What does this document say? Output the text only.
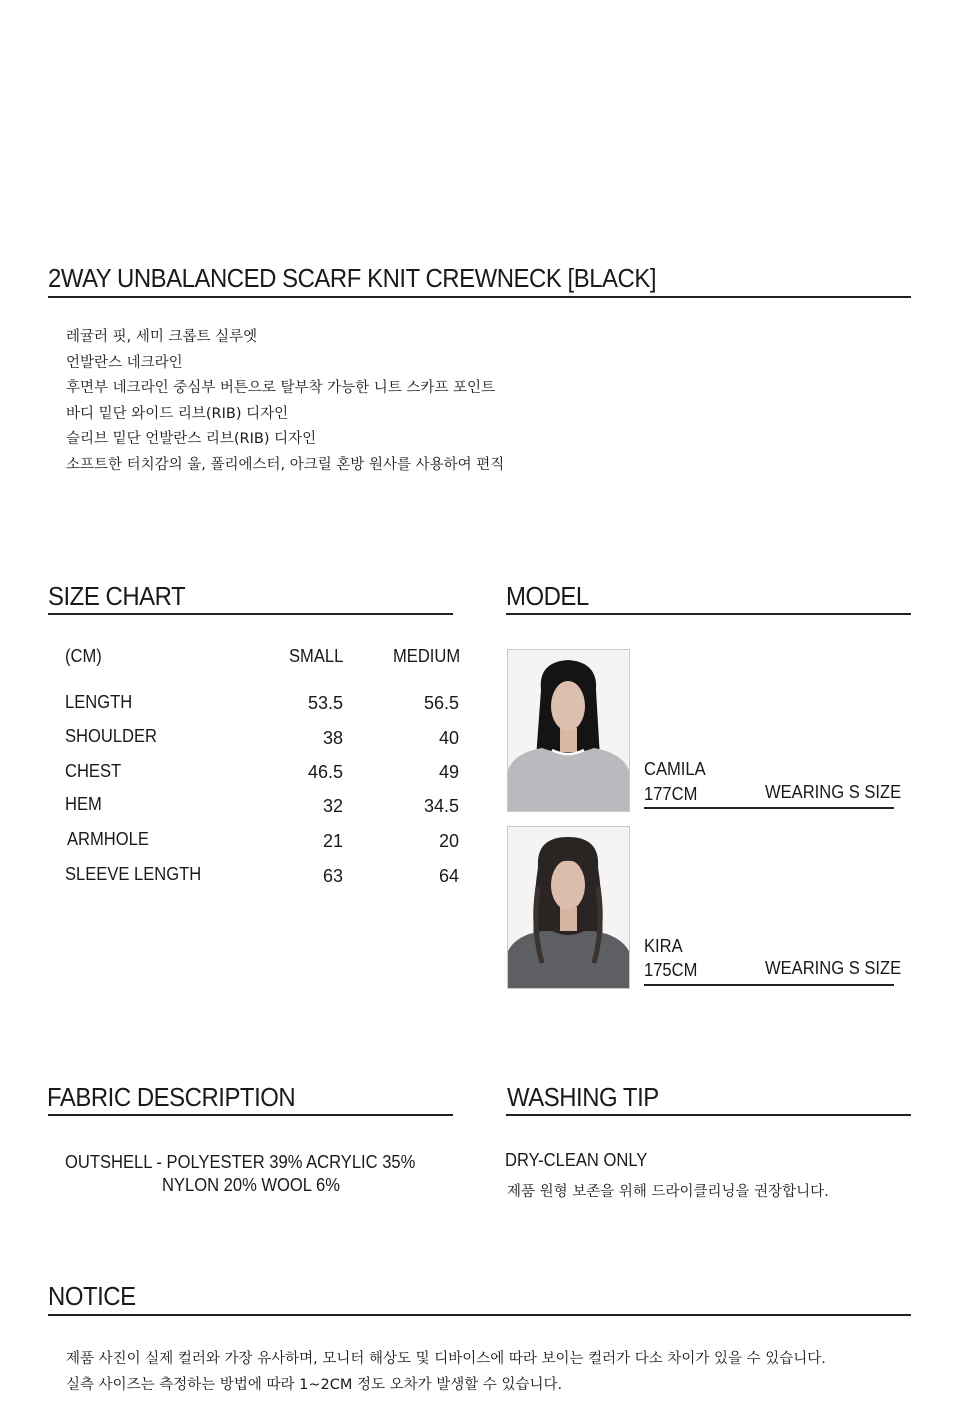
2WAY UNBALANCED SCARF KNIT CREWNECK [BLACK]
레귤러 핏, 세미 크롭트 실루엣
언발란스 네크라인
후면부 네크라인 중심부 버튼으로 탈부착 가능한 니트 스카프 포인트
바디 밑단 와이드 리브(RIB) 디자인
슬리브 밑단 언발란스 리브(RIB) 디자인
소프트한 터치감의 울, 폴리에스터, 아크릴 혼방 원사를 사용하여 편직
SIZE CHART
(CM)	SMALL	MEDIUM
LENGTH	53.5	56.5
SHOULDER	38	40
CHEST	46.5	49
HEM	32	34.5
ARMHOLE	21	20
SLEEVE LENGTH	63	64
MODEL
CAMILA
177CM	WEARING S SIZE
KIRA
175CM	WEARING S SIZE
FABRIC DESCRIPTION
OUTSHELL - POLYESTER 39% ACRYLIC 35%
NYLON 20% WOOL 6%
WASHING TIP
DRY-CLEAN ONLY
제품 원형 보존을 위해 드라이클리닝을 권장합니다.
NOTICE
제품 사진이 실제 컬러와 가장 유사하며, 모니터 해상도 및 디바이스에 따라 보이는 컬러가 다소 차이가 있을 수 있습니다.
실측 사이즈는 측정하는 방법에 따라 1~2CM 정도 오차가 발생할 수 있습니다.
